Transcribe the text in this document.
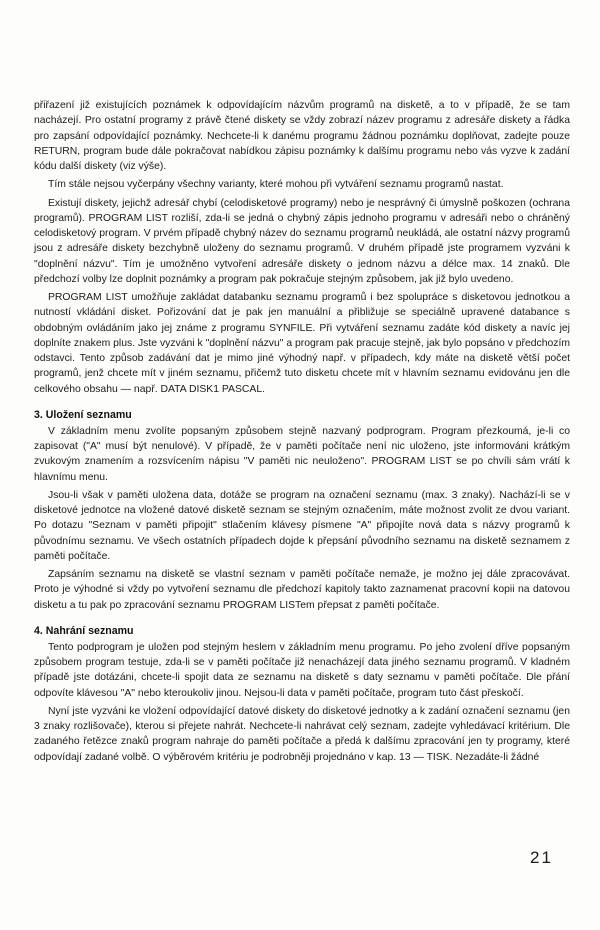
přiřazení již existujících poznámek k odpovídajícím názvům programů na disketě, a to v případě, že se tam nacházejí. Pro ostatní programy z právě čtené diskety se vždy zobrazí název programu z adresáře diskety a řádka pro zapsání odpovídající poznámky. Nechcete-li k danému programu žádnou poznámku doplňovat, zadejte pouze RETURN, program bude dále pokračovat nabídkou zápisu poznámky k dalšímu programu nebo vás vyzve k zadání kódu další diskety (viz výše).

Tím stále nejsou vyčerpány všechny varianty, které mohou při vytváření seznamu programů nastat.

Existují diskety, jejichž adresář chybí (celodisketové programy) nebo je nesprávný či úmyslně poškozen (ochrana programů). PROGRAM LIST rozliší, zda-li se jedná o chybný zápis jednoho programu v adresáři nebo o chráněný celodisketový program. V prvém případě chybný název do seznamu programů neukládá, ale ostatní názvy programů jsou z adresáře diskety bezchybně uloženy do seznamu programů. V druhém případě jste programem vyzváni k "doplnění názvu". Tím je umožněno vytvoření adresáře diskety o jednom názvu a délce max. 14 znaků. Dle předchozí volby lze doplnit poznámky a program pak pokračuje stejným způsobem, jak již bylo uvedeno.

PROGRAM LIST umožňuje zakládat databanku seznamu programů i bez spolupráce s disketovou jednotkou a nutností vkládání disket. Pořizování dat je pak jen manuální a přibližuje se speciálně upravené databance s obdobným ovládáním jako jej známe z programu SYNFILE. Při vytváření seznamu zadáte kód diskety a navíc jej doplníte znakem plus. Jste vyzváni k "doplnění názvu" a program pak pracuje stejně, jak bylo popsáno v předchozím odstavci. Tento způsob zadávání dat je mimo jiné výhodný např. v případech, kdy máte na disketě větší počet programů, jenž chcete mít v jiném seznamu, přičemž tuto disketu chcete mít v hlavním seznamu evidovánu jen dle celkového obsahu — např. DATA DISK1 PASCAL.

3. Uložení seznamu

V základním menu zvolíte popsaným způsobem stejně nazvaný podprogram. Program přezkoumá, je-li co zapisovat ("A" musí být nenulové). V případě, že v paměti počítače není nic uloženo, jste informováni krátkým zvukovým znamením a rozsvícením nápisu "V paměti nic neuloženo". PROGRAM LIST se po chvíli sám vrátí k hlavnímu menu.

Jsou-li však v paměti uložena data, dotáže se program na označení seznamu (max. 3 znaky). Nachází-li se v disketové jednotce na vložené datové disketě seznam se stejným označením, máte možnost zvolit ze dvou variant. Po dotazu "Seznam v paměti připojit" stlačením klávesy písmene "A" připojíte nová data s názvy programů k původnímu seznamu. Ve všech ostatních případech dojde k přepsání původního seznamu na disketě seznamem z paměti počítače.

Zapsáním seznamu na disketě se vlastní seznam v paměti počítače nemaže, je možno jej dále zpracovávat. Proto je výhodné si vždy po vytvoření seznamu dle předchozí kapitoly takto zaznamenat pracovní kopii na datovou disketu a tu pak po zpracování seznamu PROGRAM LISTem přepsat z paměti počítače.

4. Nahrání seznamu

Tento podprogram je uložen pod stejným heslem v základním menu programu. Po jeho zvolení dříve popsaným způsobem program testuje, zda-li se v paměti počítače již nenacházejí data jiného seznamu programů. V kladném případě jste dotázáni, chcete-li spojit data ze seznamu na disketě s daty seznamu v paměti počítače. Dle přání odpovíte klávesou "A" nebo kteroukoliv jinou. Nejsou-li data v paměti počítače, program tuto část přeskočí.

Nyní jste vyzváni ke vložení odpovídající datové diskety do disketové jednotky a k zadání označení seznamu (jen 3 znaky rozlišovače), kterou si přejete nahrát. Nechcete-li nahrávat celý seznam, zadejte vyhledávací kritérium. Dle zadaného řetězce znaků program nahraje do paměti počítače a předá k dalšímu zpracování jen ty programy, které odpovídají zadané volbě. O výběrovém kritériu je podrobněji projednáno v kap. 13 — TISK. Nezadáte-li žádné

21
